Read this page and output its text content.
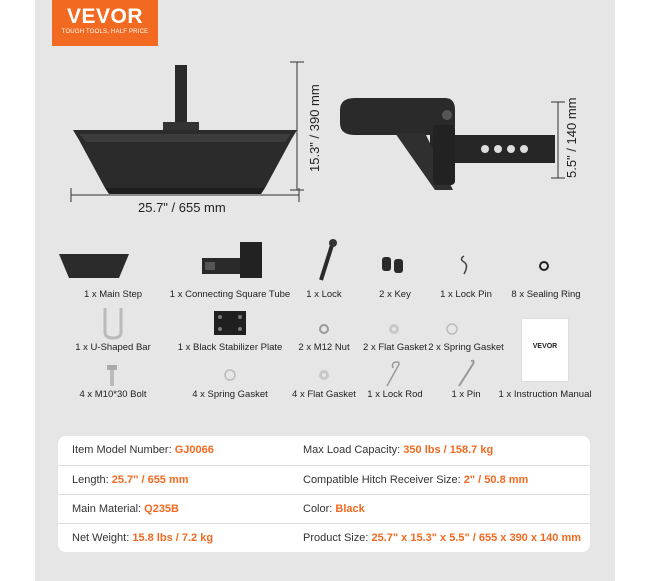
VEVOR
TOUGH TOOLS, HALF PRICE
25.7" / 655 mm
15.3" / 390 mm	5.5" / 140 mm
1 x Main Step	1 x Connecting Square Tube 1 x Lock	2 x Key	1 x Lock Pin 8 x Sealing Ring
VEVOR
1 x U-Shaped Bar	1 x Black Stabilizer Plate 2 x M12 Nut 2 x Flat Gasket 2 x Spring Gasket
4 x M10*30 Bolt	4 x Spring Gasket	4 x Flat Gasket 1 x Lock Rod	1 x Pin 1 x Instruction Manual
Item Model Number: GJ0066	Max Load Capacity: 350 lbs / 158.7 kg
Length: 25.7'' / 655 mm	Compatible Hitch Receiver Size: 2" / 50.8 mm
Main Material: Q235B	Color: Black
Net Weight: 15.8 lbs / 7.2 kg	Product Size: 25.7" x 15.3" x 5.5" / 655 x 390 x 140 mm
